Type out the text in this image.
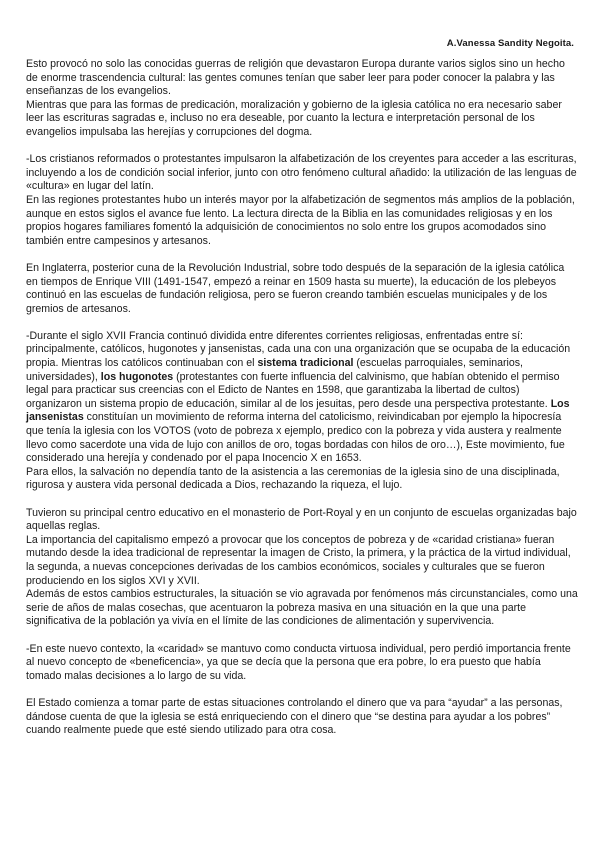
A.Vanessa Sandity Negoita.

Esto provocó no solo las conocidas guerras de religión que devastaron Europa durante varios siglos sino un hecho de enorme trascendencia cultural: las gentes comunes tenían que saber leer para poder conocer la palabra y las enseñanzas de los evangelios.

Mientras que para las formas de predicación, moralización y gobierno de la iglesia católica no era necesario saber leer las escrituras sagradas e, incluso no era deseable, por cuanto la lectura e interpretación personal de los evangelios impulsaba las herejías y corrupciones del dogma.

-Los cristianos reformados o protestantes impulsaron la alfabetización de los creyentes para acceder a las escrituras, incluyendo a los de condición social inferior, junto con otro fenómeno cultural añadido: la utilización de las lenguas de «cultura» en lugar del latín.

En las regiones protestantes hubo un interés mayor por la alfabetización de segmentos más amplios de la población, aunque en estos siglos el avance fue lento. La lectura directa de la Biblia en las comunidades religiosas y en los propios hogares familiares fomentó la adquisición de conocimientos no solo entre los grupos acomodados sino también entre campesinos y artesanos.

En Inglaterra, posterior cuna de la Revolución Industrial, sobre todo después de la separación de la iglesia católica en tiempos de Enrique VIII (1491-1547, empezó a reinar en 1509 hasta su muerte), la educación de los plebeyos continuó en las escuelas de fundación religiosa, pero se fueron creando también escuelas municipales y de los gremios de artesanos.

-Durante el siglo XVII Francia continuó dividida entre diferentes corrientes religiosas, enfrentadas entre sí: principalmente, católicos, hugonotes y jansenistas, cada una con una organización que se ocupaba de la educación propia. Mientras los católicos continuaban con el sistema tradicional (escuelas parroquiales, seminarios, universidades), los hugonotes (protestantes con fuerte influencia del calvinismo, que habían obtenido el permiso legal para practicar sus creencias con el Edicto de Nantes en 1598, que garantizaba la libertad de cultos) organizaron un sistema propio de educación, similar al de los jesuitas, pero desde una perspectiva protestante. Los jansenistas constituían un movimiento de reforma interna del catolicismo, reivindicaban por ejemplo la hipocresía que tenía la iglesia con los VOTOS (voto de pobreza x ejemplo, predico con la pobreza y vida austera y realmente llevo como sacerdote una vida de lujo con anillos de oro, togas bordadas con hilos de oro…), Este movimiento, fue considerado una herejía y condenado por el papa Inocencio X en 1653.

Para ellos, la salvación no dependía tanto de la asistencia a las ceremonias de la iglesia sino de una disciplinada, rigurosa y austera vida personal dedicada a Dios, rechazando la riqueza, el lujo.

Tuvieron su principal centro educativo en el monasterio de Port-Royal y en un conjunto de escuelas organizadas bajo aquellas reglas.

La importancia del capitalismo empezó a provocar que los conceptos de pobreza y de «caridad cristiana» fueran mutando desde la idea tradicional de representar la imagen de Cristo, la primera, y la práctica de la virtud individual, la segunda, a nuevas concepciones derivadas de los cambios económicos, sociales y culturales que se fueron produciendo en los siglos XVI y XVII.

Además de estos cambios estructurales, la situación se vio agravada por fenómenos más circunstanciales, como una serie de años de malas cosechas, que acentuaron la pobreza masiva en una situación en la que una parte significativa de la población ya vivía en el límite de las condiciones de alimentación y supervivencia.

-En este nuevo contexto, la «caridad» se mantuvo como conducta virtuosa individual, pero perdió importancia frente al nuevo concepto de «beneficencia», ya que se decía que la persona que era pobre, lo era puesto que había tomado malas decisiones a lo largo de su vida.

El Estado comienza a tomar parte de estas situaciones controlando el dinero que va para “ayudar” a las personas, dándose cuenta de que la iglesia se está enriqueciendo con el dinero que “se destina para ayudar a los pobres” cuando realmente puede que esté siendo utilizado para otra cosa.
